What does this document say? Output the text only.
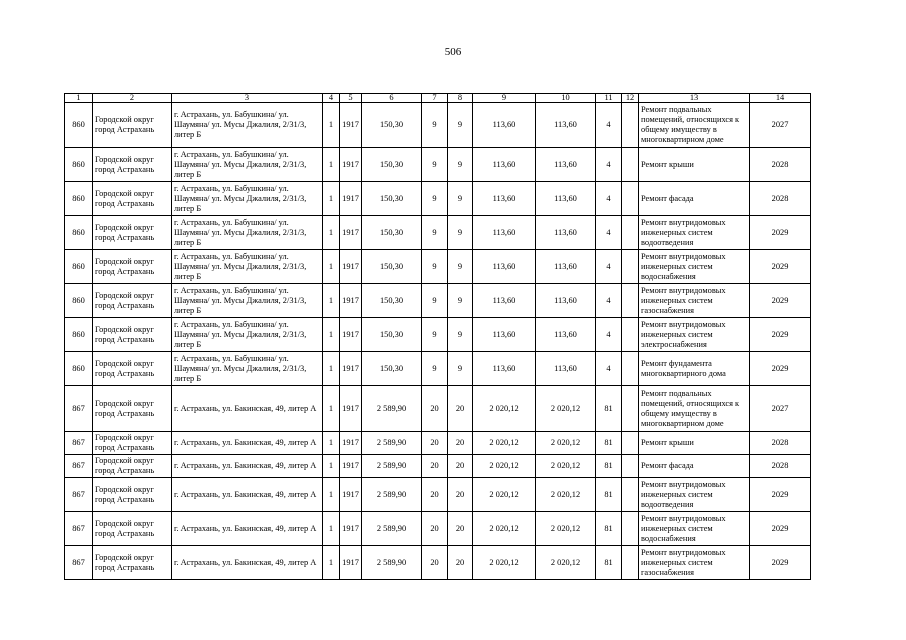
506
1	2	3	4	5	6	7	8	9	10	11	12	13	14
860	Городской округ город Астрахань	г. Астрахань, ул. Бабушкина/ ул. Шаумяна/ ул. Мусы Джалиля, 2/31/3, литер Б	1	1917	150,30	9	9	113,60	113,60	4		Ремонт подвальных помещений, относящихся к общему имуществу в многоквартирном доме	2027
860	Городской округ город Астрахань	г. Астрахань, ул. Бабушкина/ ул. Шаумяна/ ул. Мусы Джалиля, 2/31/3, литер Б	1	1917	150,30	9	9	113,60	113,60	4		Ремонт крыши	2028
860	Городской округ город Астрахань	г. Астрахань, ул. Бабушкина/ ул. Шаумяна/ ул. Мусы Джалиля, 2/31/3, литер Б	1	1917	150,30	9	9	113,60	113,60	4		Ремонт фасада	2028
860	Городской округ город Астрахань	г. Астрахань, ул. Бабушкина/ ул. Шаумяна/ ул. Мусы Джалиля, 2/31/3, литер Б	1	1917	150,30	9	9	113,60	113,60	4		Ремонт внутридомовых инженерных систем водоотведения	2029
860	Городской округ город Астрахань	г. Астрахань, ул. Бабушкина/ ул. Шаумяна/ ул. Мусы Джалиля, 2/31/3, литер Б	1	1917	150,30	9	9	113,60	113,60	4		Ремонт внутридомовых инженерных систем водоснабжения	2029
860	Городской округ город Астрахань	г. Астрахань, ул. Бабушкина/ ул. Шаумяна/ ул. Мусы Джалиля, 2/31/3, литер Б	1	1917	150,30	9	9	113,60	113,60	4		Ремонт внутридомовых инженерных систем газоснабжения	2029
860	Городской округ город Астрахань	г. Астрахань, ул. Бабушкина/ ул. Шаумяна/ ул. Мусы Джалиля, 2/31/3, литер Б	1	1917	150,30	9	9	113,60	113,60	4		Ремонт внутридомовых инженерных систем электроснабжения	2029
860	Городской округ город Астрахань	г. Астрахань, ул. Бабушкина/ ул. Шаумяна/ ул. Мусы Джалиля, 2/31/3, литер Б	1	1917	150,30	9	9	113,60	113,60	4		Ремонт фундамента многоквартирного дома	2029
867	Городской округ город Астрахань	г. Астрахань, ул. Бакинская, 49, литер А	1	1917	2 589,90	20	20	2 020,12	2 020,12	81		Ремонт подвальных помещений, относящихся к общему имуществу в многоквартирном доме	2027
867	Городской округ город Астрахань	г. Астрахань, ул. Бакинская, 49, литер А	1	1917	2 589,90	20	20	2 020,12	2 020,12	81		Ремонт крыши	2028
867	Городской округ город Астрахань	г. Астрахань, ул. Бакинская, 49, литер А	1	1917	2 589,90	20	20	2 020,12	2 020,12	81		Ремонт фасада	2028
867	Городской округ город Астрахань	г. Астрахань, ул. Бакинская, 49, литер А	1	1917	2 589,90	20	20	2 020,12	2 020,12	81		Ремонт внутридомовых инженерных систем водоотведения	2029
867	Городской округ город Астрахань	г. Астрахань, ул. Бакинская, 49, литер А	1	1917	2 589,90	20	20	2 020,12	2 020,12	81		Ремонт внутридомовых инженерных систем водоснабжения	2029
867	Городской округ город Астрахань	г. Астрахань, ул. Бакинская, 49, литер А	1	1917	2 589,90	20	20	2 020,12	2 020,12	81		Ремонт внутридомовых инженерных систем газоснабжения	2029
